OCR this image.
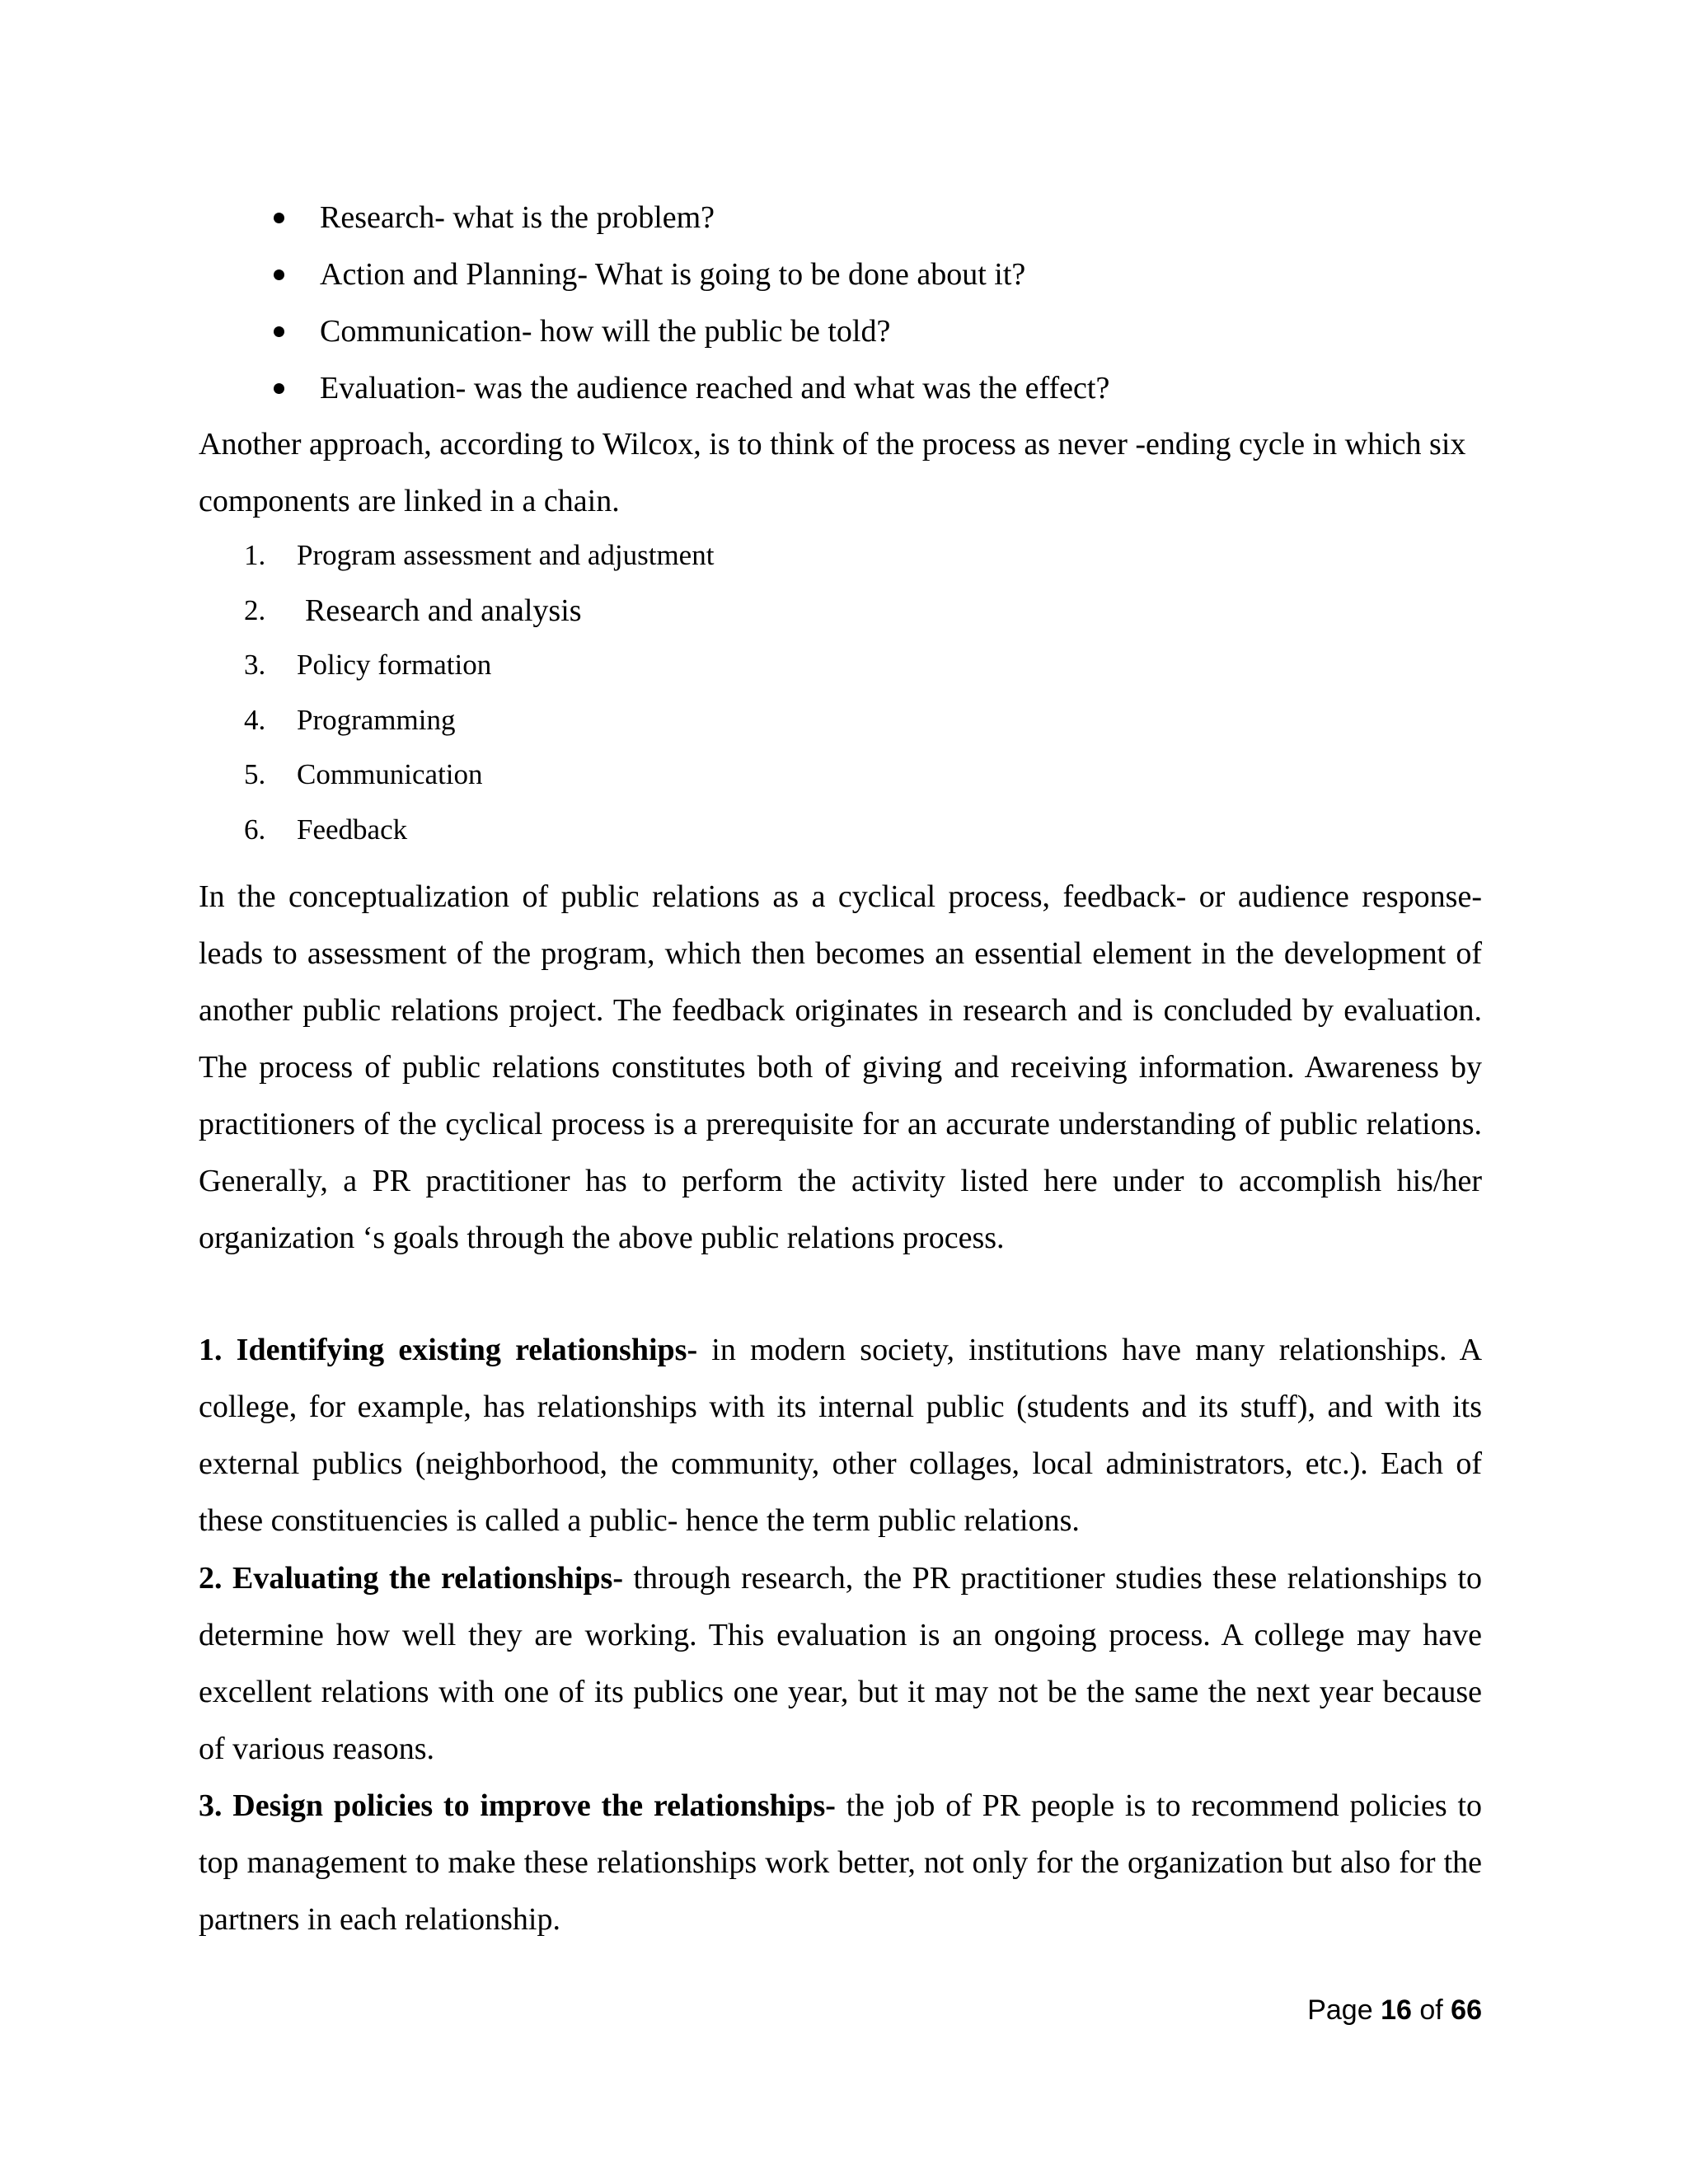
Research- what is the problem?
Action and Planning- What is going to be done about it?
Communication- how will the public be told?
Evaluation- was the audience reached and what was the effect?

Another approach, according to Wilcox, is to think of the process as never -ending cycle in which six components are linked in a chain.

1.	Program assessment and adjustment
2.	Research and analysis
3.	Policy formation
4.	Programming
5.	Communication
6.	Feedback

In the conceptualization of public relations as a cyclical process, feedback- or audience response- leads to assessment of the program, which then becomes an essential element in the development of another public relations project. The feedback originates in research and is concluded by evaluation. The process of public relations constitutes both of giving and receiving information. Awareness by practitioners of the cyclical process is a prerequisite for an accurate understanding of public relations. Generally, a PR practitioner has to perform the activity listed here under to accomplish his/her organization ‘s goals through the above public relations process.

1. Identifying existing relationships- in modern society, institutions have many relationships. A college, for example, has relationships with its internal public (students and its stuff), and with its external publics (neighborhood, the community, other collages, local administrators, etc.). Each of these constituencies is called a public- hence the term public relations.

2. Evaluating the relationships- through research, the PR practitioner studies these relationships to determine how well they are working. This evaluation is an ongoing process. A college may have excellent relations with one of its publics one year, but it may not be the same the next year because of various reasons.

3. Design policies to improve the relationships- the job of PR people is to recommend policies to top management to make these relationships work better, not only for the organization but also for the partners in each relationship.

Page 16 of 66
